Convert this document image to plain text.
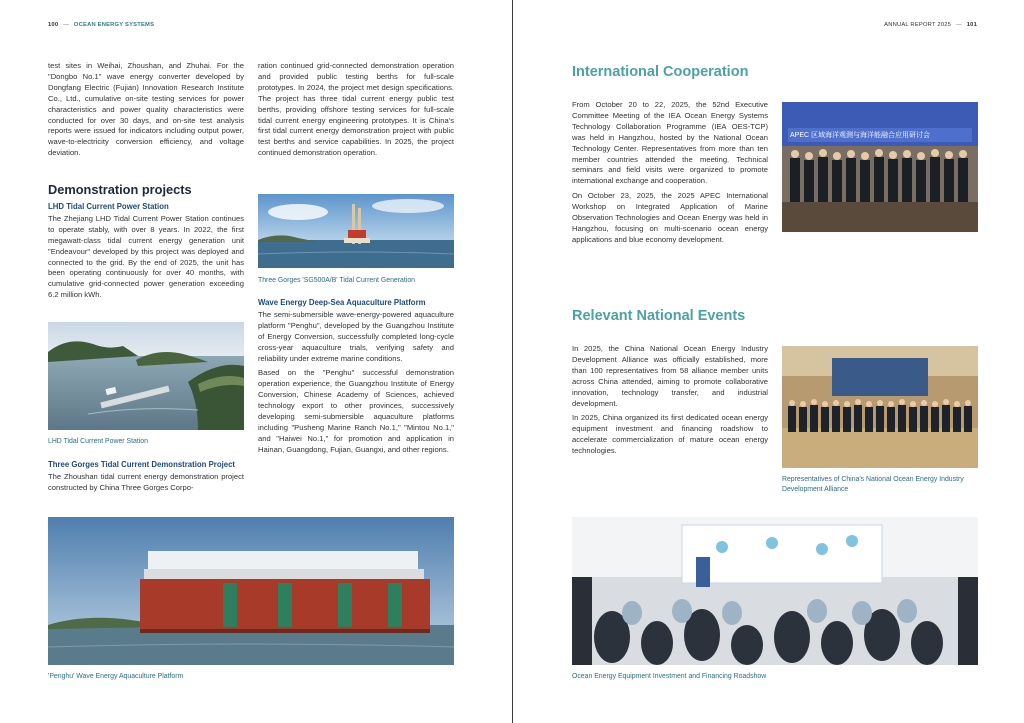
100 — OCEAN ENERGY SYSTEMS

test sites in Weihai, Zhoushan, and Zhuhai. For the "Dongbo No.1" wave energy converter developed by Dongfang Electric (Fujian) Innovation Research Institute Co., Ltd., cumulative on-site testing services for power characteristics and power quality characteristics were conducted for over 30 days, and on-site test analysis reports were issued for indicators including output power, wave-to-electricity conversion efficiency, and voltage deviation.

Demonstration projects
LHD Tidal Current Power Station

The Zhejiang LHD Tidal Current Power Station continues to operate stably, with over 8 years. In 2022, the first megawatt-class tidal current energy generation unit "Endeavour" developed by this project was deployed and connected to the grid. By the end of 2025, the unit has been operating continuously for over 40 months, with cumulative grid-connected power generation exceeding 6.2 million kWh.

LHD Tidal Current Power Station
Three Gorges Tidal Current Demonstration Project

The Zhoushan tidal current energy demonstration project constructed by China Three Gorges Corpo-

ration continued grid-connected demonstration operation and provided public testing berths for full-scale prototypes. In 2024, the project met design specifications. The project has three tidal current energy public test berths, providing offshore testing services for full-scale tidal current energy engineering prototypes. It is China's first tidal current energy demonstration project with public test berths and service capabilities. In 2025, the project continued demonstration operation.

Three Gorges 'SG500A/B' Tidal Current Generation
Wave Energy Deep-Sea Aquaculture Platform

The semi-submersible wave-energy-powered aquaculture platform "Penghu", developed by the Guangzhou Institute of Energy Conversion, successfully completed long-cycle cross-year aquaculture trials, verifying safety and reliability under extreme marine conditions.

Based on the "Penghu" successful demonstration operation experience, the Guangzhou Institute of Energy Conversion, Chinese Academy of Sciences, achieved technology export to other provinces, successively developing semi-submersible aquaculture platforms including "Pusheng Marine Ranch No.1," "Mintou No.1," and "Haiwei No.1," for promotion and application in Hainan, Guangdong, Fujian, Guangxi, and other regions.

'Penghu' Wave Energy Aquaculture Platform
ANNUAL REPORT 2025 — 101
International Cooperation

From October 20 to 22, 2025, the 52nd Executive Committee Meeting of the IEA Ocean Energy Systems Technology Collaboration Programme (IEA OES-TCP) was held in Hangzhou, hosted by the National Ocean Technology Center. Representatives from more than ten member countries attended the meeting. Technical seminars and field visits were organized to promote international exchange and cooperation.

On October 23, 2025, the 2025 APEC International Workshop on Integrated Application of Marine Observation Technologies and Ocean Energy was held in Hangzhou, focusing on multi-scenario ocean energy applications and blue economy development.

APEC 区域海洋观测与海洋能融合应用研讨会
Relevant National Events

In 2025, the China National Ocean Energy Industry Development Alliance was officially established, more than 100 representatives from 58 alliance member units across China attended, aiming to promote collaborative innovation, technology transfer, and industrial development.

In 2025, China organized its first dedicated ocean energy equipment investment and financing roadshow to accelerate commercialization of mature ocean energy technologies.

Representatives of China's National Ocean Energy Industry Development Alliance
Ocean Energy Equipment Investment and Financing Roadshow
